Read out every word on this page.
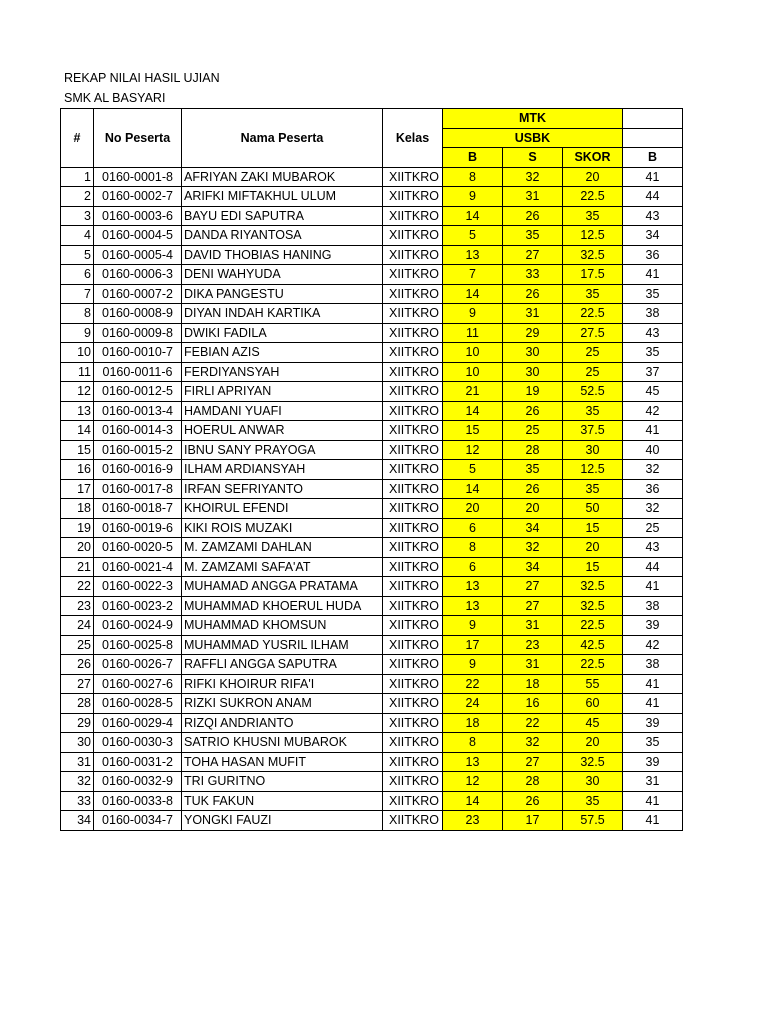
REKAP NILAI HASIL UJIAN
SMK AL BASYARI
#	No Peserta	Nama Peserta	Kelas	MTK			
				USBK			
				B	S	SKOR	B
1	0160-0001-8	AFRIYAN ZAKI MUBAROK	XIITKRO	8	32	20	41
2	0160-0002-7	ARIFKI MIFTAKHUL ULUM	XIITKRO	9	31	22.5	44
3	0160-0003-6	BAYU EDI SAPUTRA	XIITKRO	14	26	35	43
4	0160-0004-5	DANDA RIYANTOSA	XIITKRO	5	35	12.5	34
5	0160-0005-4	DAVID THOBIAS HANING	XIITKRO	13	27	32.5	36
6	0160-0006-3	DENI WAHYUDA	XIITKRO	7	33	17.5	41
7	0160-0007-2	DIKA PANGESTU	XIITKRO	14	26	35	35
8	0160-0008-9	DIYAN INDAH KARTIKA	XIITKRO	9	31	22.5	38
9	0160-0009-8	DWIKI FADILA	XIITKRO	11	29	27.5	43
10	0160-0010-7	FEBIAN AZIS	XIITKRO	10	30	25	35
11	0160-0011-6	FERDIYANSYAH	XIITKRO	10	30	25	37
12	0160-0012-5	FIRLI APRIYAN	XIITKRO	21	19	52.5	45
13	0160-0013-4	HAMDANI YUAFI	XIITKRO	14	26	35	42
14	0160-0014-3	HOERUL ANWAR	XIITKRO	15	25	37.5	41
15	0160-0015-2	IBNU SANY PRAYOGA	XIITKRO	12	28	30	40
16	0160-0016-9	ILHAM ARDIANSYAH	XIITKRO	5	35	12.5	32
17	0160-0017-8	IRFAN SEFRIYANTO	XIITKRO	14	26	35	36
18	0160-0018-7	KHOIRUL EFENDI	XIITKRO	20	20	50	32
19	0160-0019-6	KIKI ROIS MUZAKI	XIITKRO	6	34	15	25
20	0160-0020-5	M. ZAMZAMI DAHLAN	XIITKRO	8	32	20	43
21	0160-0021-4	M. ZAMZAMI SAFA'AT	XIITKRO	6	34	15	44
22	0160-0022-3	MUHAMAD ANGGA PRATAMA	XIITKRO	13	27	32.5	41
23	0160-0023-2	MUHAMMAD KHOERUL HUDA	XIITKRO	13	27	32.5	38
24	0160-0024-9	MUHAMMAD KHOMSUN	XIITKRO	9	31	22.5	39
25	0160-0025-8	MUHAMMAD YUSRIL ILHAM	XIITKRO	17	23	42.5	42
26	0160-0026-7	RAFFLI ANGGA SAPUTRA	XIITKRO	9	31	22.5	38
27	0160-0027-6	RIFKI KHOIRUR RIFA'I	XIITKRO	22	18	55	41
28	0160-0028-5	RIZKI SUKRON ANAM	XIITKRO	24	16	60	41
29	0160-0029-4	RIZQI ANDRIANTO	XIITKRO	18	22	45	39
30	0160-0030-3	SATRIO KHUSNI MUBAROK	XIITKRO	8	32	20	35
31	0160-0031-2	TOHA HASAN MUFIT	XIITKRO	13	27	32.5	39
32	0160-0032-9	TRI GURITNO	XIITKRO	12	28	30	31
33	0160-0033-8	TUK FAKUN	XIITKRO	14	26	35	41
34	0160-0034-7	YONGKI FAUZI	XIITKRO	23	17	57.5	41
